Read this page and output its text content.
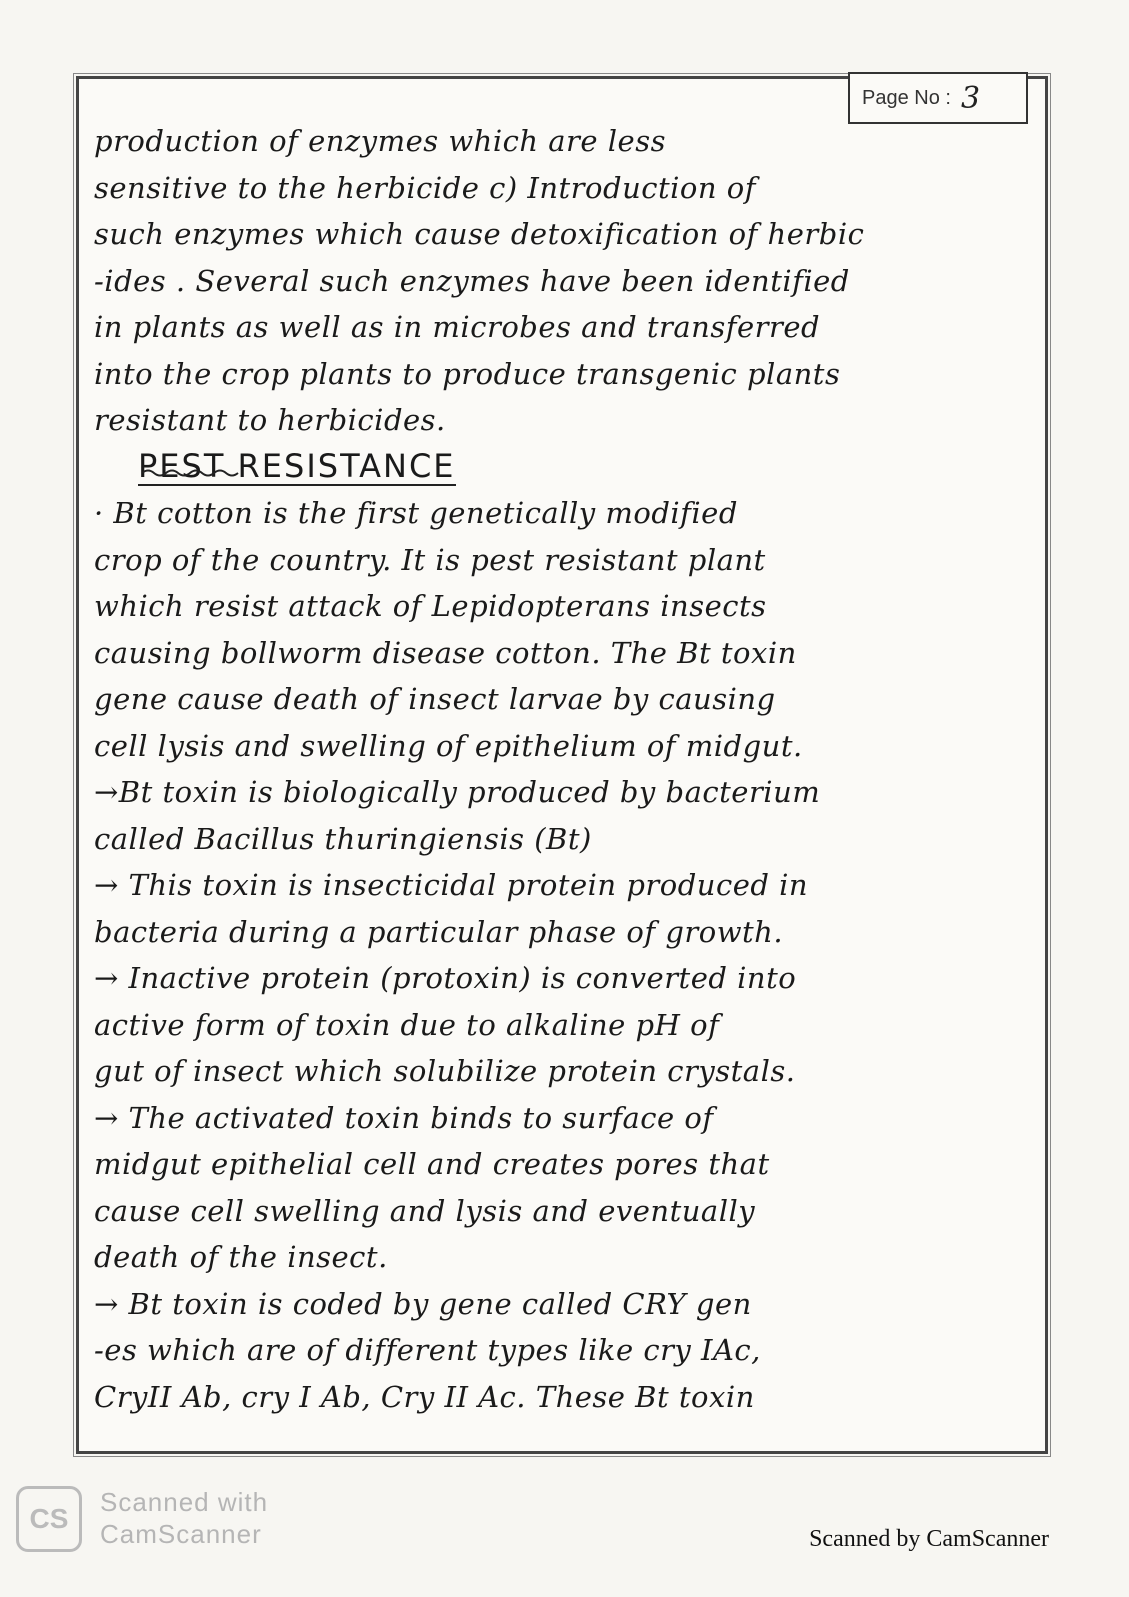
Page No : 3
production of enzymes which are less
sensitive to the herbicide c) Introduction of
such enzymes which cause detoxification of herbic
-ides . Several such enzymes have been identified
in plants as well as in microbes and transferred
into the crop plants to produce transgenic plants
resistant to herbicides.
PEST RESISTANCE
· Bt cotton is the first genetically modified
crop of the country. It is pest resistant plant
which resist attack of Lepidopterans insects
causing bollworm disease cotton. The Bt toxin
gene cause death of insect larvae by causing
cell lysis and swelling of epithelium of midgut.
→Bt toxin is biologically produced by bacterium
called Bacillus thuringiensis (Bt)
→ This toxin is insecticidal protein produced in
bacteria during a particular phase of growth.
→ Inactive protein (protoxin) is converted into
active form of toxin due to alkaline pH of
gut of insect which solubilize protein crystals.
→ The activated toxin binds to surface of
midgut epithelial cell and creates pores that
cause cell swelling and lysis and eventually
death of the insect.
→ Bt toxin is coded by gene called CRY gen
-es which are of different types like cry IAc,
CryII Ab, cry I Ab, Cry II Ac. These Bt toxin
CS
Scanned with
CamScanner	Scanned by CamScanner
